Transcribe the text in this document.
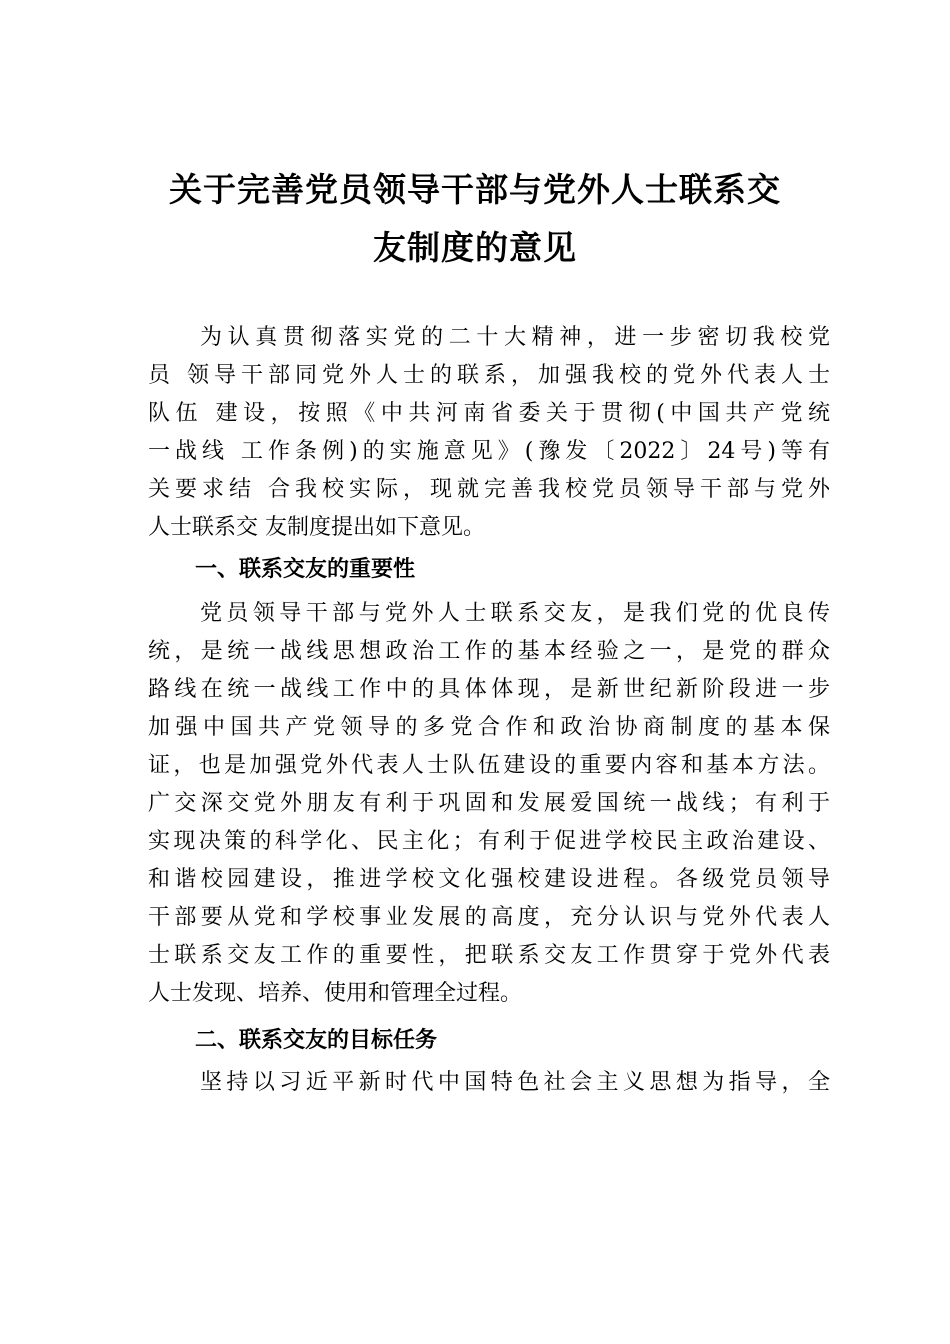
关于完善党员领导干部与党外人士联系交
友制度的意见
为认真贯彻落实党的二十大精神，进一步密切我校党
员 领导干部同党外人士的联系，加强我校的党外代表人士
队伍 建设，按照《中共河南省委关于贯彻(中国共产党统
一战线 工作条例)的实施意见》(豫发〔2022〕24号)等有
关要求结 合我校实际，现就完善我校党员领导干部与党外
人士联系交 友制度提出如下意见。
一、联系交友的重要性
党员领导干部与党外人士联系交友，是我们党的优良传
统，是统一战线思想政治工作的基本经验之一，是党的群众
路线在统一战线工作中的具体体现，是新世纪新阶段进一步
加强中国共产党领导的多党合作和政治协商制度的基本保
证，也是加强党外代表人士队伍建设的重要内容和基本方法。
广交深交党外朋友有利于巩固和发展爱国统一战线；有利于
实现决策的科学化、民主化；有利于促进学校民主政治建设、
和谐校园建设，推进学校文化强校建设进程。各级党员领导
干部要从党和学校事业发展的高度，充分认识与党外代表人
士联系交友工作的重要性，把联系交友工作贯穿于党外代表
人士发现、培养、使用和管理全过程。
二、联系交友的目标任务
坚持以习近平新时代中国特色社会主义思想为指导，全
